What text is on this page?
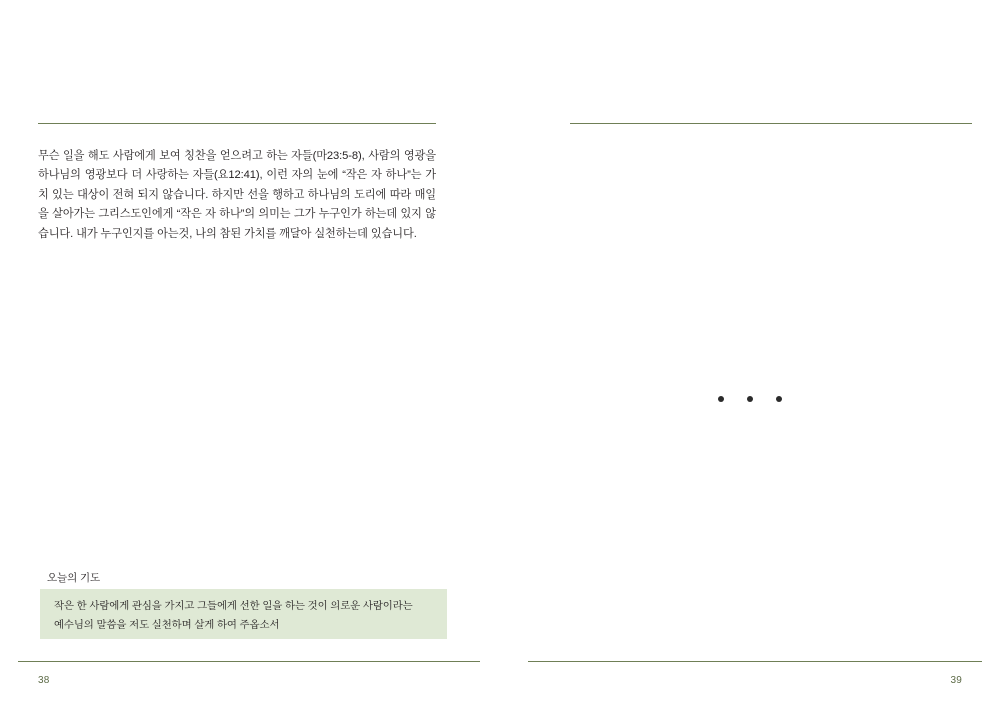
무슨 일을 해도 사람에게 보여 칭찬을 얻으려고 하는 자들(마23:5-8), 사람의 영광을 하나님의 영광보다 더 사랑하는 자들(요12:41), 이런 자의 눈에 “작은 자 하나”는 가치 있는 대상이 전혀 되지 않습니다. 하지만 선을 행하고 하나님의 도리에 따라 매일을 살아가는 그리스도인에게 “작은 자 하나”의 의미는 그가 누구인가 하는데 있지 않습니다. 내가 누구인지를 아는것, 나의 참된 가치를 깨달아 실천하는데 있습니다.
오늘의 기도
작은 한 사람에게 관심을 가지고 그들에게 선한 일을 하는 것이 의로운 사람이라는
예수님의 말씀을 저도 실천하며 살게 하여 주옵소서
38	39
